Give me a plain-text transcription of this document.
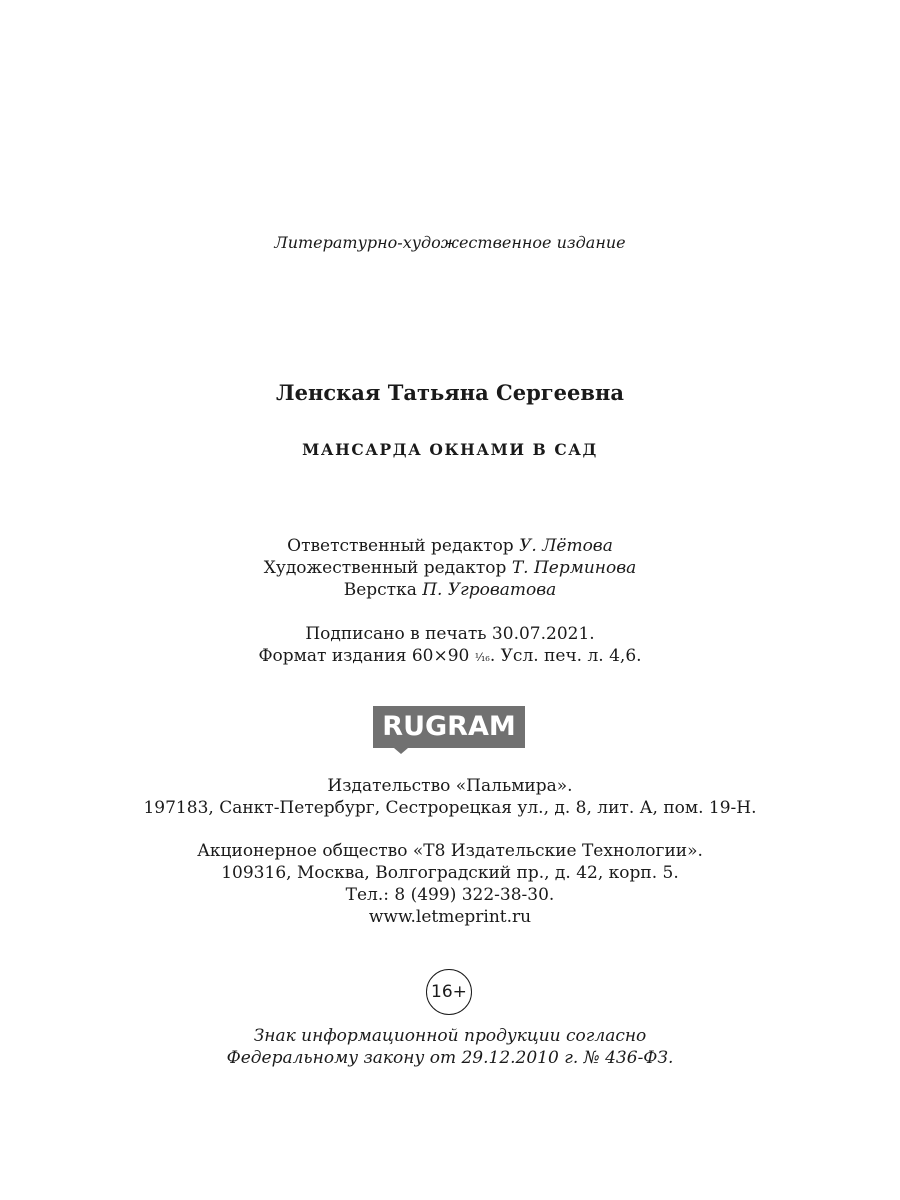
Литературно-художественное издание
Ленская Татьяна Сергеевна
МАНСАРДА ОКНАМИ В САД
Ответственный редактор У. Лётова
Художественный редактор Т. Перминова
Верстка П. Угроватова
Подписано в печать 30.07.2021.
Формат издания 60×90 ¹⁄₁₆. Усл. печ. л. 4,6.
RUGRAM
Издательство «Пальмира».
197183, Санкт-Петербург, Сестрорецкая ул., д. 8, лит. А, пом. 19-Н.
Акционерное общество «Т8 Издательские Технологии».
109316, Москва, Волгоградский пр., д. 42, корп. 5.
Тел.: 8 (499) 322-38-30.
www.letmeprint.ru
16+
Знак информационной продукции согласно
Федеральному закону от 29.12.2010 г. № 436-ФЗ.
